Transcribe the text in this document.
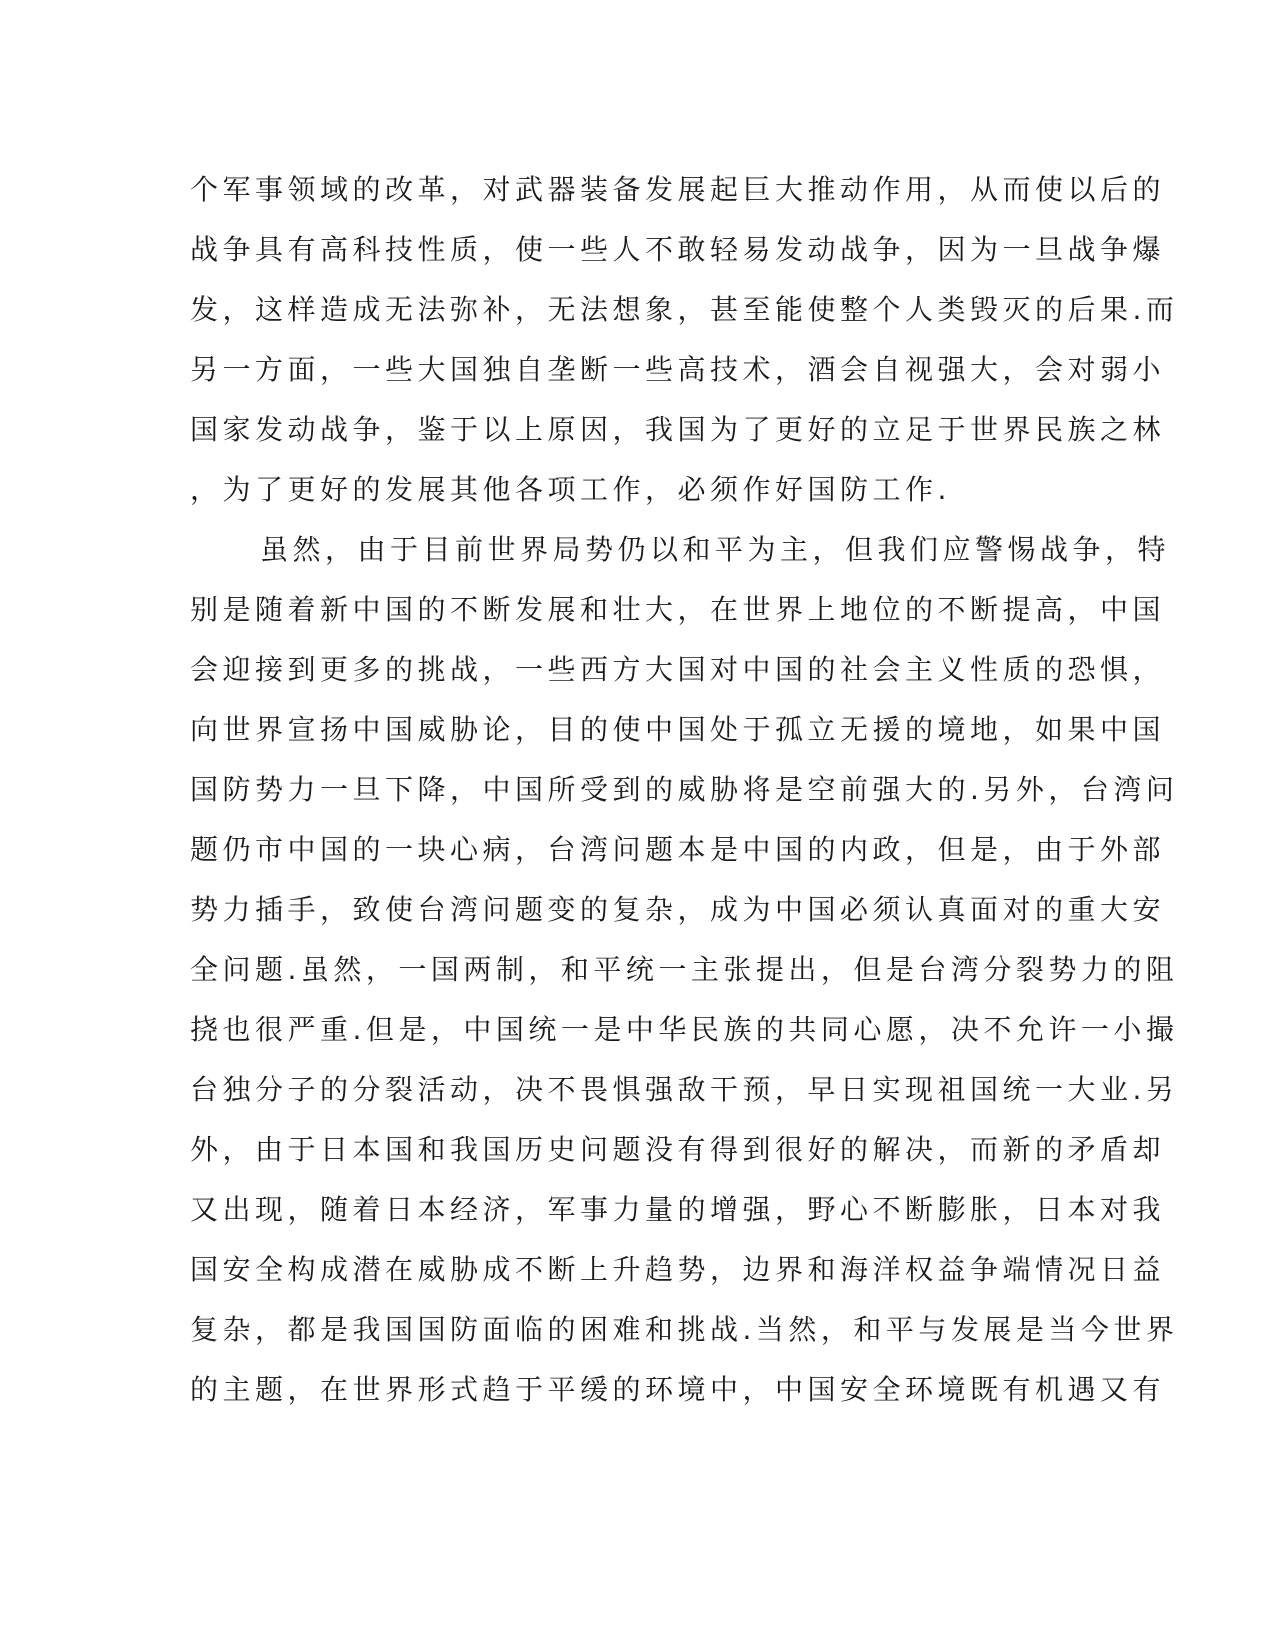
个军事领域的改革，对武器装备发展起巨大推动作用，从而使以后的
战争具有高科技性质，使一些人不敢轻易发动战争，因为一旦战争爆
发，这样造成无法弥补，无法想象，甚至能使整个人类毁灭的后果.而
另一方面，一些大国独自垄断一些高技术，酒会自视强大，会对弱小
国家发动战争，鉴于以上原因，我国为了更好的立足于世界民族之林
，为了更好的发展其他各项工作，必须作好国防工作.
虽然，由于目前世界局势仍以和平为主，但我们应警惕战争，特
别是随着新中国的不断发展和壮大，在世界上地位的不断提高，中国
会迎接到更多的挑战，一些西方大国对中国的社会主义性质的恐惧，
向世界宣扬中国威胁论，目的使中国处于孤立无援的境地，如果中国
国防势力一旦下降，中国所受到的威胁将是空前强大的.另外，台湾问
题仍市中国的一块心病，台湾问题本是中国的内政，但是，由于外部
势力插手，致使台湾问题变的复杂，成为中国必须认真面对的重大安
全问题.虽然，一国两制，和平统一主张提出，但是台湾分裂势力的阻
挠也很严重.但是，中国统一是中华民族的共同心愿，决不允许一小撮
台独分子的分裂活动，决不畏惧强敌干预，早日实现祖国统一大业.另
外，由于日本国和我国历史问题没有得到很好的解决，而新的矛盾却
又出现，随着日本经济，军事力量的增强，野心不断膨胀，日本对我
国安全构成潜在威胁成不断上升趋势，边界和海洋权益争端情况日益
复杂，都是我国国防面临的困难和挑战.当然，和平与发展是当今世界
的主题，在世界形式趋于平缓的环境中，中国安全环境既有机遇又有
